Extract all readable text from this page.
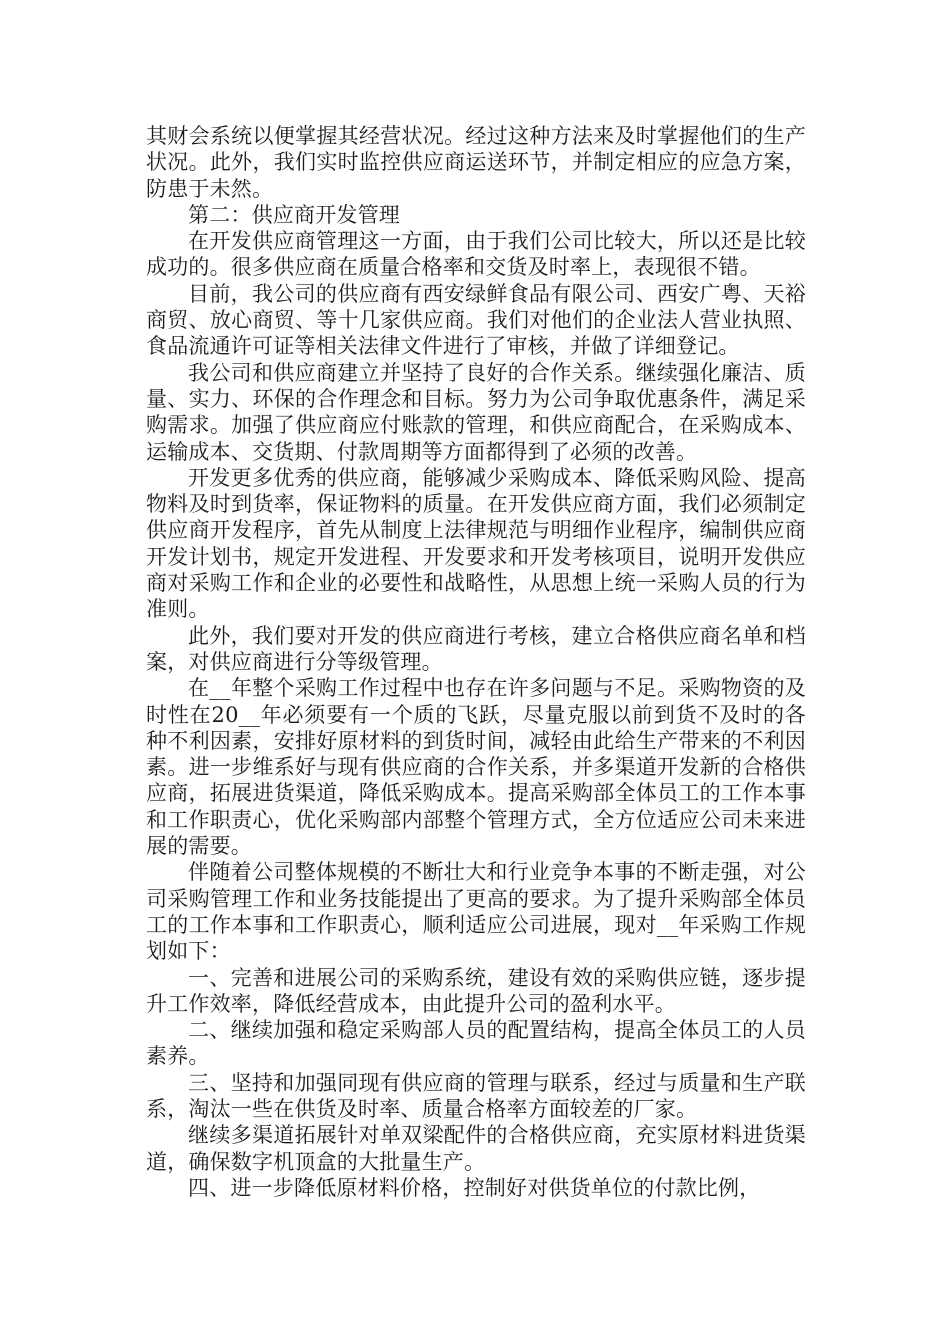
其财会系统以便掌握其经营状况。经过这种方法来及时掌握他们的生产状况。此外，我们实时监控供应商运送环节，并制定相应的应急方案，防患于未然。

第二：供应商开发管理

在开发供应商管理这一方面，由于我们公司比较大，所以还是比较成功的。很多供应商在质量合格率和交货及时率上，表现很不错。

目前，我公司的供应商有西安绿鲜食品有限公司、西安广粤、天裕商贸、放心商贸、等十几家供应商。我们对他们的企业法人营业执照、食品流通许可证等相关法律文件进行了审核，并做了详细登记。

我公司和供应商建立并坚持了良好的合作关系。继续强化廉洁、质量、实力、环保的合作理念和目标。努力为公司争取优惠条件，满足采购需求。加强了供应商应付账款的管理，和供应商配合，在采购成本、运输成本、交货期、付款周期等方面都得到了必须的改善。

开发更多优秀的供应商，能够减少采购成本、降低采购风险、提高物料及时到货率，保证物料的质量。在开发供应商方面，我们必须制定供应商开发程序，首先从制度上法律规范与明细作业程序，编制供应商开发计划书，规定开发进程、开发要求和开发考核项目，说明开发供应商对采购工作和企业的必要性和战略性，从思想上统一采购人员的行为准则。

此外，我们要对开发的供应商进行考核，建立合格供应商名单和档案，对供应商进行分等级管理。

在__年整个采购工作过程中也存在许多问题与不足。采购物资的及时性在20__年必须要有一个质的飞跃，尽量克服以前到货不及时的各种不利因素，安排好原材料的到货时间，减轻由此给生产带来的不利因素。进一步维系好与现有供应商的合作关系，并多渠道开发新的合格供应商，拓展进货渠道，降低采购成本。提高采购部全体员工的工作本事和工作职责心，优化采购部内部整个管理方式，全方位适应公司未来进展的需要。

伴随着公司整体规模的不断壮大和行业竞争本事的不断走强，对公司采购管理工作和业务技能提出了更高的要求。为了提升采购部全体员工的工作本事和工作职责心，顺利适应公司进展，现对__年采购工作规划如下：

一、完善和进展公司的采购系统，建设有效的采购供应链，逐步提升工作效率，降低经营成本，由此提升公司的盈利水平。

二、继续加强和稳定采购部人员的配置结构，提高全体员工的人员素养。

三、坚持和加强同现有供应商的管理与联系，经过与质量和生产联系，淘汰一些在供货及时率、质量合格率方面较差的厂家。

继续多渠道拓展针对单双梁配件的合格供应商，充实原材料进货渠道，确保数字机顶盒的大批量生产。

四、进一步降低原材料价格，控制好对供货单位的付款比例，
